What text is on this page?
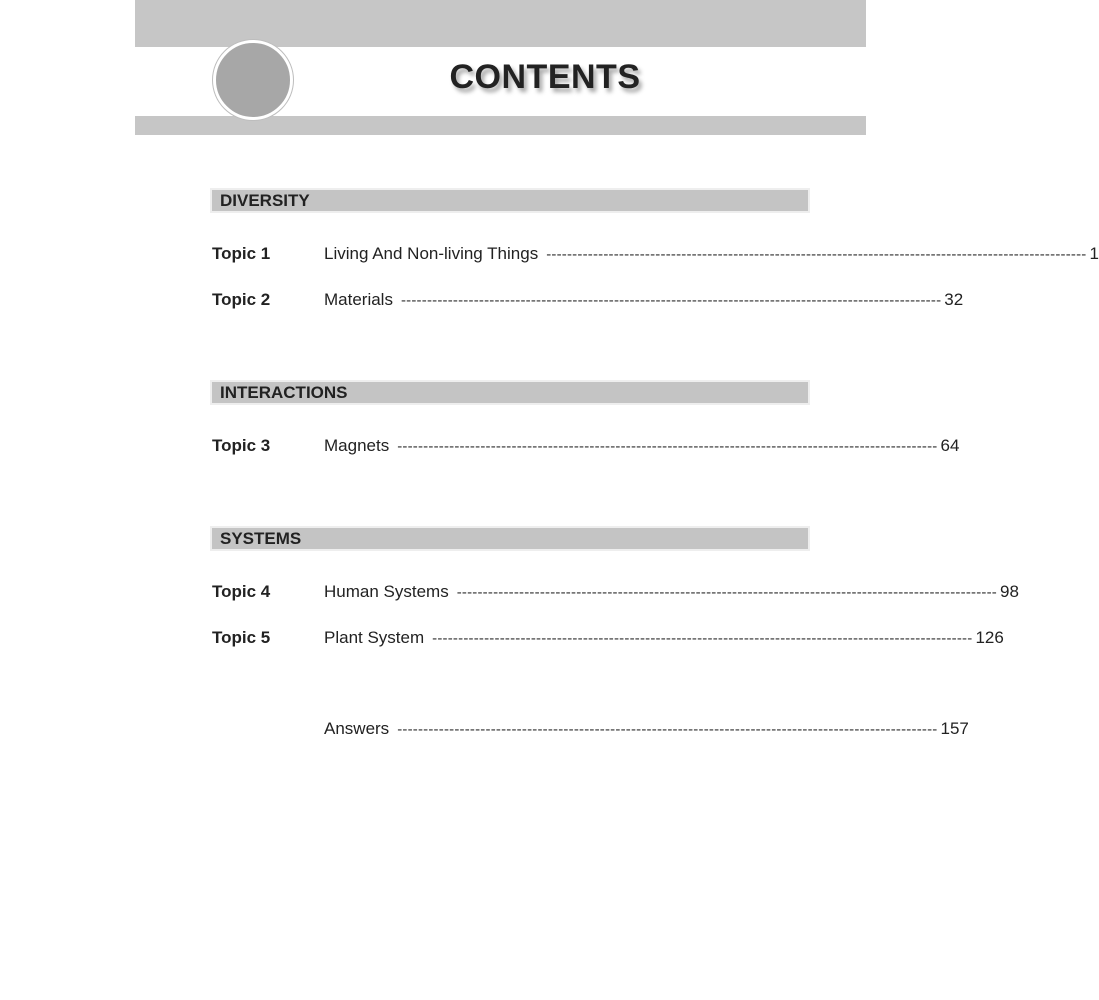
CONTENTS
DIVERSITY
Topic 1	Living And Non-living Things -------------------------------------------------------------------------------------------------------- 1
Topic 2	Materials -------------------------------------------------------------------------------------------------------- 32
INTERACTIONS
Topic 3	Magnets -------------------------------------------------------------------------------------------------------- 64
SYSTEMS
Topic 4	Human Systems -------------------------------------------------------------------------------------------------------- 98
Topic 5	Plant System -------------------------------------------------------------------------------------------------------- 126
Answers -------------------------------------------------------------------------------------------------------- 157
